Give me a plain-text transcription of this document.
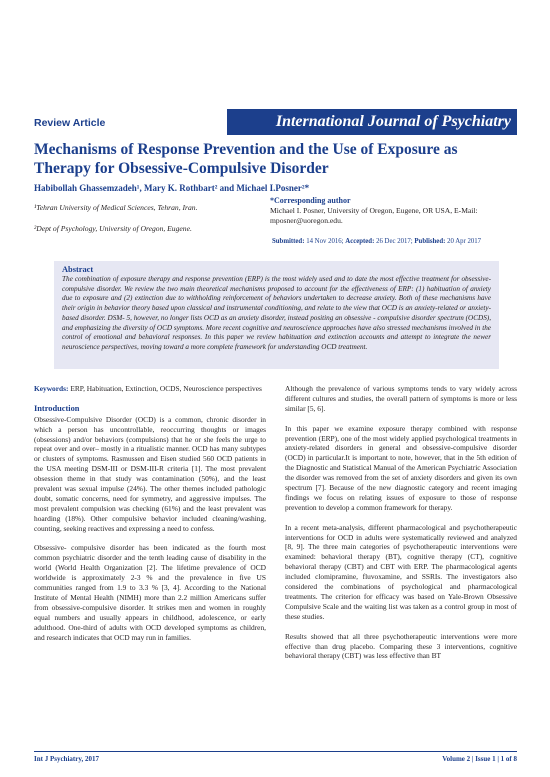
Review Article	International Journal of Psychiatry
Mechanisms of Response Prevention and the Use of Exposure as Therapy for Obsessive-Compulsive Disorder
Habibollah Ghassemzadeh¹, Mary K. Rothbart² and Michael I.Posner²*
¹Tehran University of Medical Sciences, Tehran, Iran.
²Dept of Psychology, University of Oregon, Eugene.
*Corresponding author
Michael I. Posner, University of Oregon, Eugene, OR USA, E-Mail: mposner@uoregon.edu.
Submitted: 14 Nov 2016; Accepted: 26 Dec 2017; Published: 20 Apr 2017
Abstract
The combination of exposure therapy and response prevention (ERP) is the most widely used and to date the most effective treatment for obsessive-compulsive disorder. We review the two main theoretical mechanisms proposed to account for the effectiveness of ERP: (1) habituation of anxiety due to exposure and (2) extinction due to withholding reinforcement of behaviors undertaken to decrease anxiety. Both of these mechanisms have their origin in behavior theory based upon classical and instrumental conditioning, and relate to the view that OCD is an anxiety-related or anxiety- based disorder. DSM- 5, however, no longer lists OCD as an anxiety disorder, instead positing an obsessive - compulsive disorder spectrum (OCDS), and emphasizing the diversity of OCD symptoms. More recent cognitive and neuroscience approaches have also stressed mechanisms involved in the control of emotional and behavioral responses. In this paper we review habituation and extinction accounts and attempt to integrate the newer neuroscience perspectives, moving toward a more complete framework for understanding OCD treatment.

Keywords: ERP, Habituation, Extinction, OCDS, Neuroscience perspectives

Introduction

Obsessive-Compulsive Disorder (OCD) is a common, chronic disorder in which a person has uncontrollable, reoccurring thoughts or images (obsessions) and/or behaviors (compulsions) that he or she feels the urge to repeat over and over– mostly in a ritualistic manner. OCD has many subtypes or clusters of symptoms. Rasmussen and Eisen studied 560 OCD patients in the USA meeting DSM-III or DSM-III-R criteria [1]. The most prevalent obsession theme in that study was contamination (50%), and the least prevalent was sexual impulse (24%). The other themes included pathologic doubt, somatic concerns, need for symmetry, and aggressive impulses. The most prevalent compulsion was checking (61%) and the least prevalent was hoarding (18%). Other compulsive behavior included cleaning/washing, counting, seeking reactives and expressing a need to confess.

Obsessive- compulsive disorder has been indicated as the fourth most common psychiatric disorder and the tenth leading cause of disability in the world (World Health Organization [2]. The lifetime prevalence of OCD worldwide is approximately 2-3 % and the prevalence in five US communities ranged from 1.9 to 3.3 % [3, 4]. According to the National Institute of Mental Health (NIMH) more than 2.2 million Americans suffer from obsessive-compulsive disorder. It strikes men and women in roughly equal numbers and usually appears in childhood, adolescence, or early adulthood. One-third of adults with OCD developed symptoms as children, and research indicates that OCD may run in families.

Although the prevalence of various symptoms tends to vary widely across different cultures and studies, the overall pattern of symptoms is more or less similar [5, 6].

In this paper we examine exposure therapy combined with response prevention (ERP), one of the most widely applied psychological treatments in anxiety-related disorders in general and obsessive-compulsive disorder (OCD) in particular.It is important to note, however, that in the 5th edition of the Diagnostic and Statistical Manual of the American Psychiatric Association the disorder was removed from the set of anxiety disorders and given its own spectrum [7]. Because of the new diagnostic category and recent imaging findings we focus on relating issues of exposure to those of response prevention to develop a common framework for therapy.

In a recent meta-analysis, different pharmacological and psychotherapeutic interventions for OCD in adults were systematically reviewed and analyzed [8, 9]. The three main categories of psychotherapeutic interventions were examined: behavioral therapy (BT), cognitive therapy (CT), cognitive behavioral therapy (CBT) and CBT with ERP. The pharmacological agents included clomipramine, fluvoxamine, and SSRIs. The investigators also considered the combinations of psychological and pharmacological treatments. The criterion for efficacy was based on Yale-Brown Obsessive Compulsive Scale and the waiting list was taken as a control group in most of these studies.

Results showed that all three psychotherapeutic interventions were more effective than drug placebo. Comparing these 3 interventions, cognitive behavioral therapy (CBT) was less effective than BT

Int J Psychiatry, 2017	Volume 2 | Issue 1 | 1 of 8
